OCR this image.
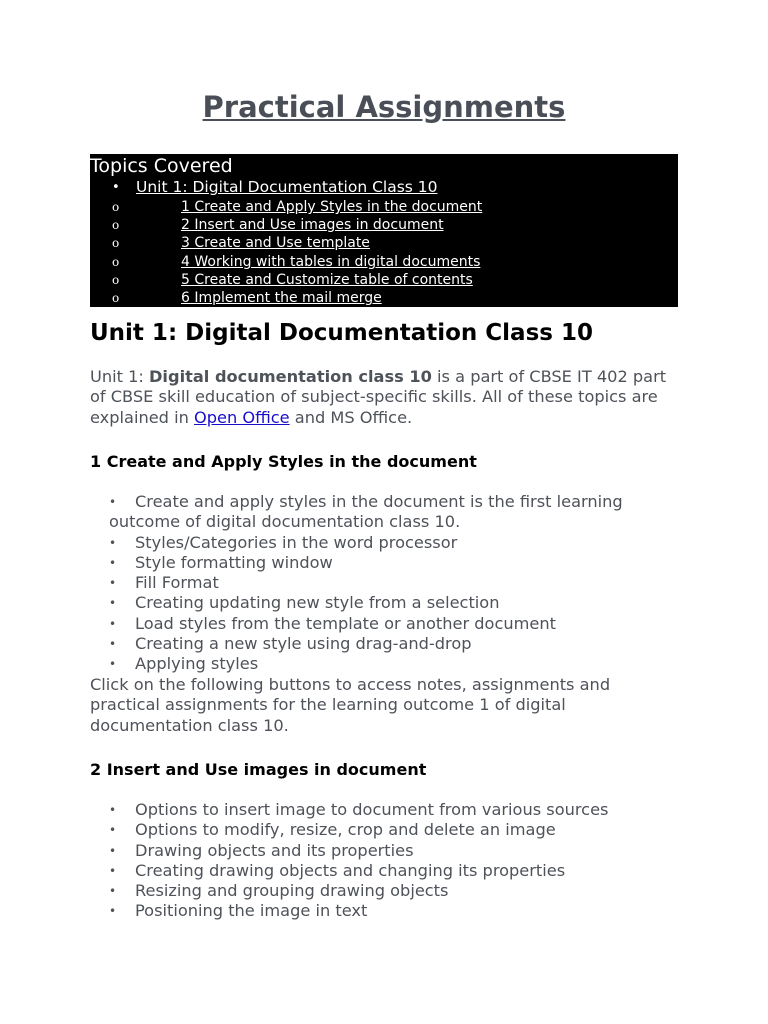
Practical Assignments
Topics Covered
• Unit 1: Digital Documentation Class 10
o	1 Create and Apply Styles in the document
o	2 Insert and Use images in document
o	3 Create and Use template
o	4 Working with tables in digital documents
o	5 Create and Customize table of contents
o	6 Implement the mail merge
Unit 1: Digital Documentation Class 10

Unit 1: Digital documentation class 10 is a part of CBSE IT 402 part of CBSE skill education of subject-specific skills. All of these topics are explained in Open Office and MS Office.

1 Create and Apply Styles in the document
• Create and apply styles in the document is the first learning
outcome of digital documentation class 10.
• Styles/Categories in the word processor
• Style formatting window
• Fill Format
• Creating updating new style from a selection
• Load styles from the template or another document
• Creating a new style using drag-and-drop
• Applying styles

Click on the following buttons to access notes, assignments and practical assignments for the learning outcome 1 of digital documentation class 10.

2 Insert and Use images in document
• Options to insert image to document from various sources
• Options to modify, resize, crop and delete an image
• Drawing objects and its properties
• Creating drawing objects and changing its properties
• Resizing and grouping drawing objects
• Positioning the image in text
